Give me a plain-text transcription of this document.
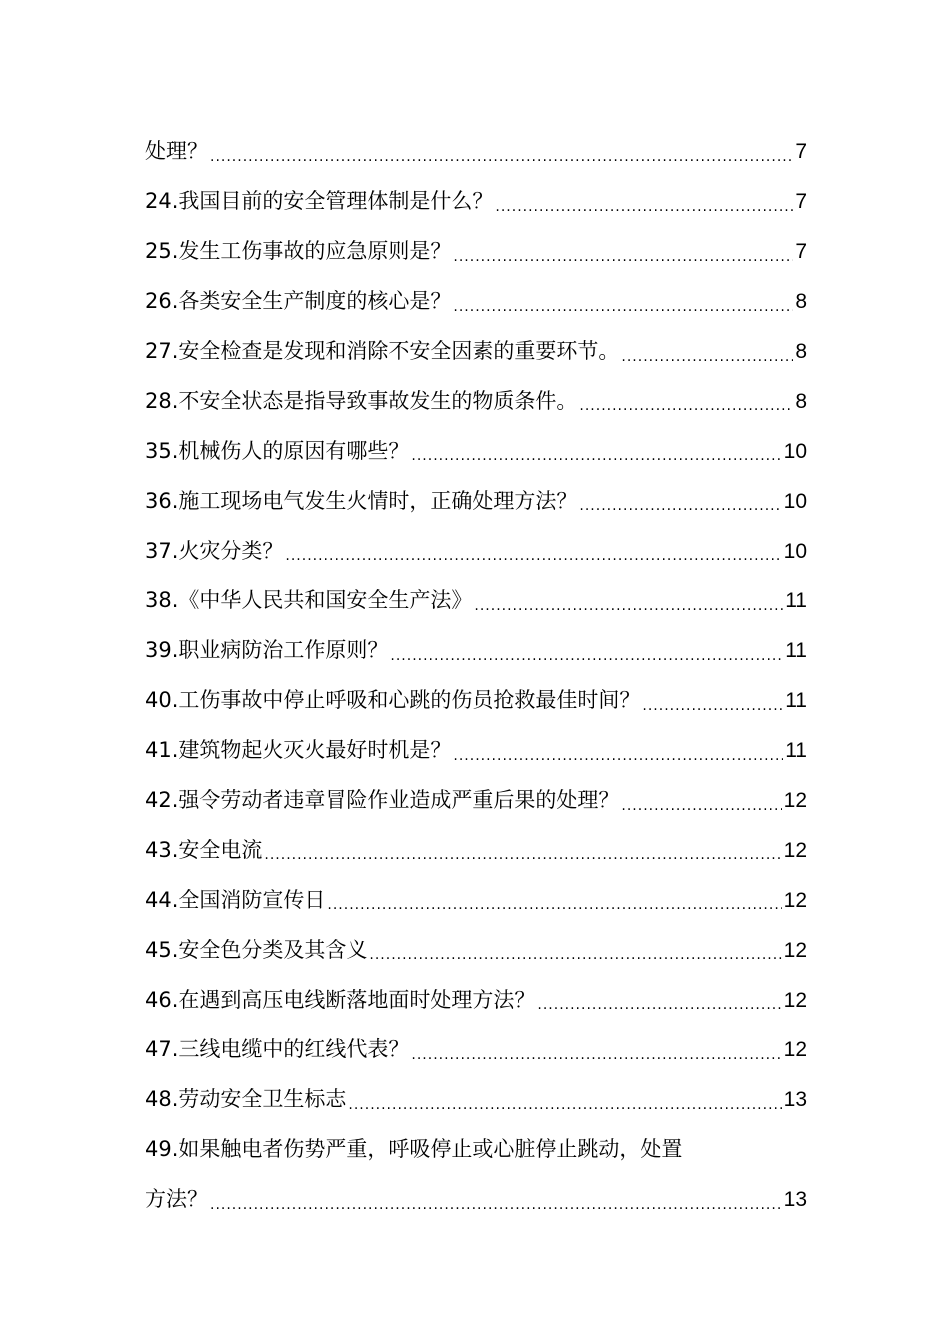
处理？ .....	7
24.我国目前的安全管理体制是什么？ .....	7
25.发生工伤事故的应急原则是？ .....	7
26.各类安全生产制度的核心是？ .....	8
27.安全检查是发现和消除不安全因素的重要环节。 .....	8
28.不安全状态是指导致事故发生的物质条件。 .....	8
35.机械伤人的原因有哪些？ .....	10
36.施工现场电气发生火情时，正确处理方法？ .....	10
37.火灾分类？ .....	10
38.《中华人民共和国安全生产法》 .....	11
39.职业病防治工作原则？ .....	11
40.工伤事故中停止呼吸和心跳的伤员抢救最佳时间？ .....	11
41.建筑物起火灭火最好时机是？ .....	11
42.强令劳动者违章冒险作业造成严重后果的处理？ .....	12
43.安全电流 .....	12
44.全国消防宣传日 .....	12
45.安全色分类及其含义 .....	12
46.在遇到高压电线断落地面时处理方法？ .....	12
47.三线电缆中的红线代表？ .....	12
48.劳动安全卫生标志 .....	13
49.如果触电者伤势严重，呼吸停止或心脏停止跳动，处置
方法？ .....	13
